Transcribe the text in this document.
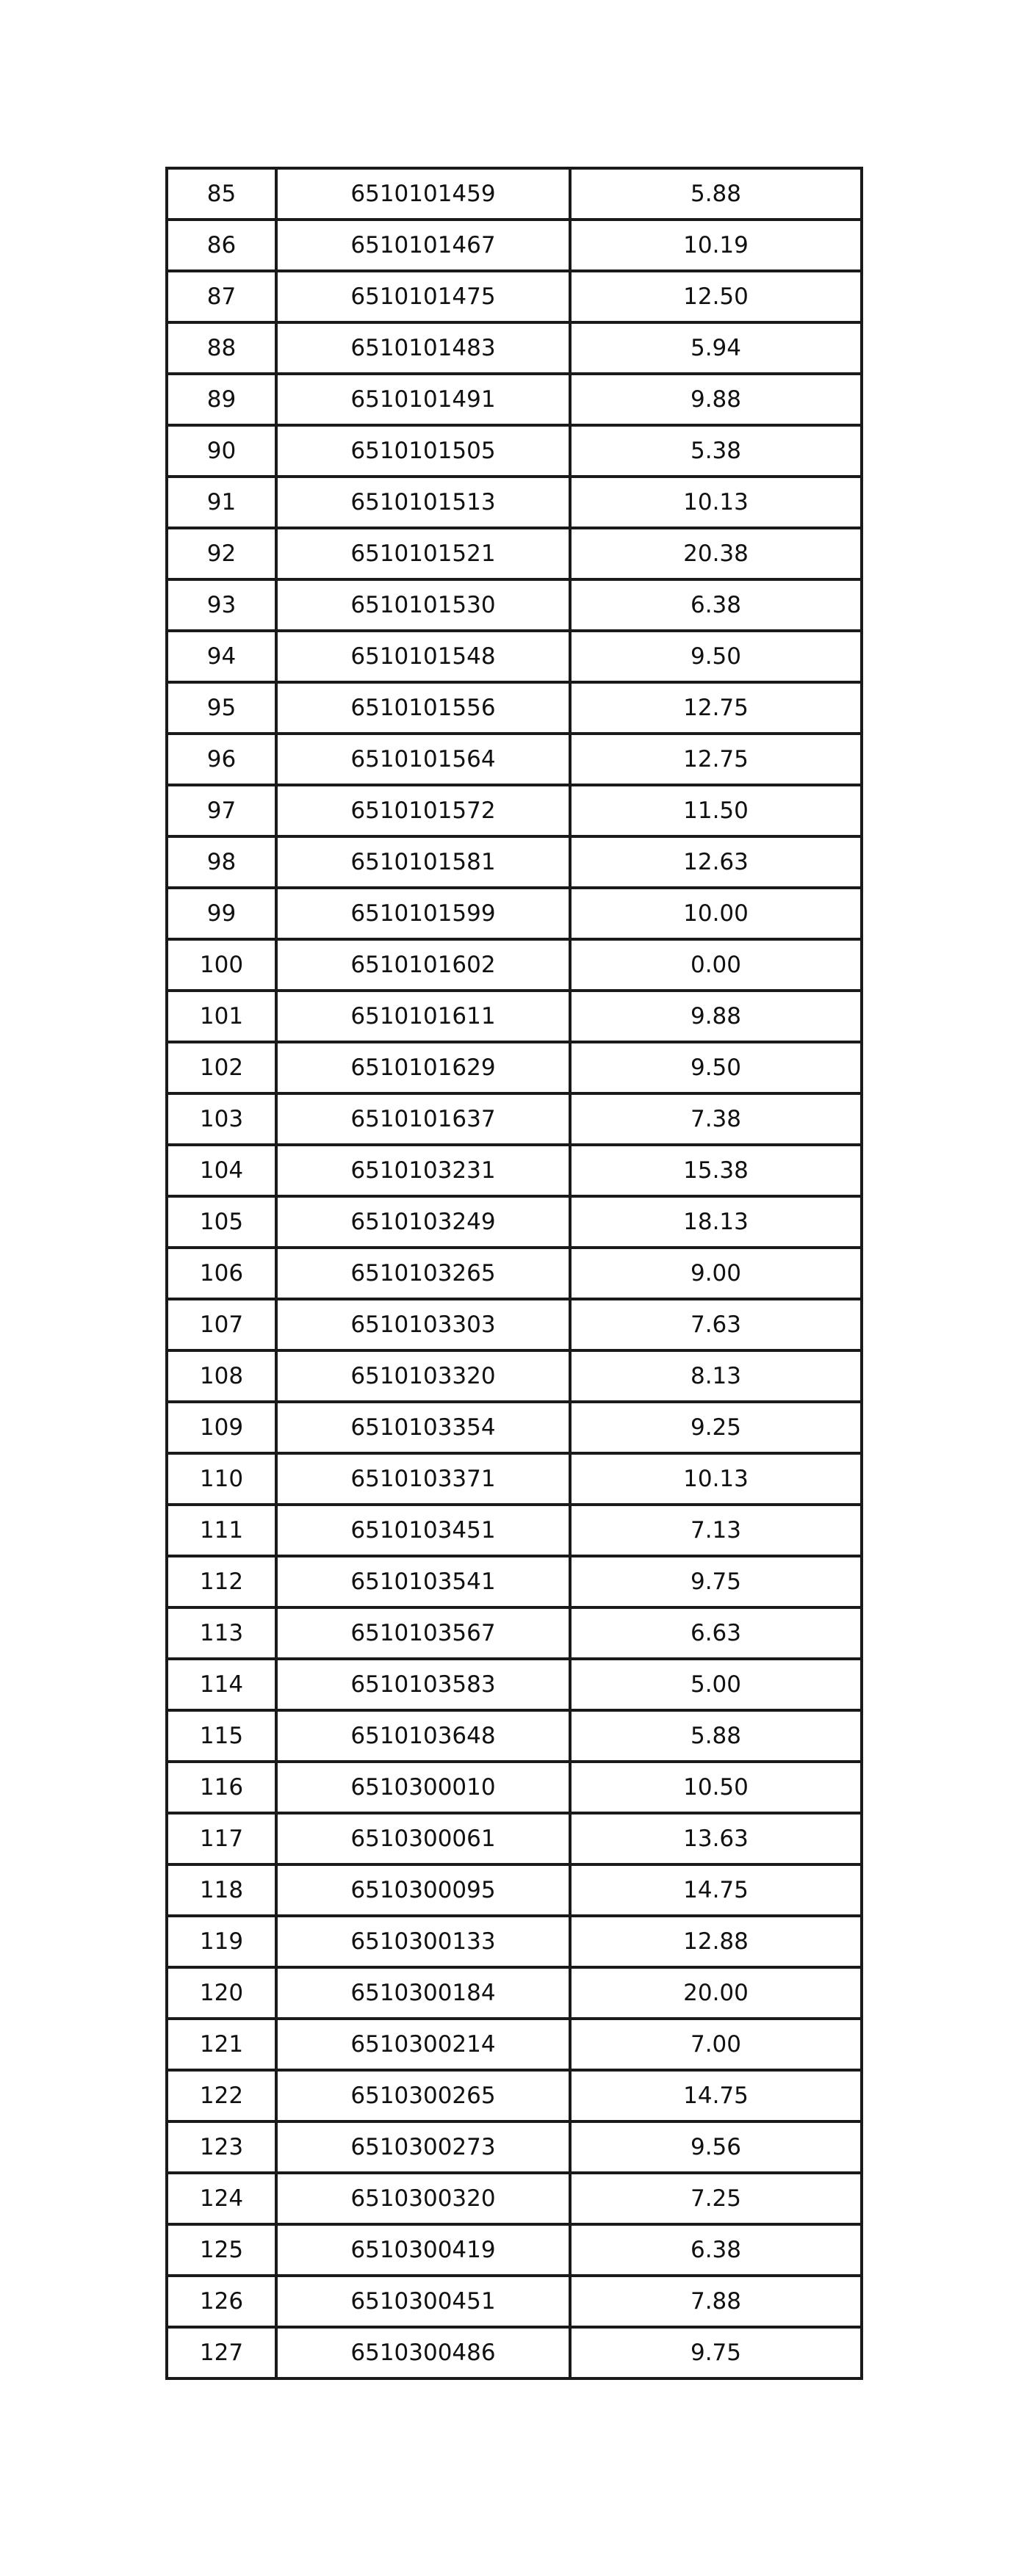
85	6510101459	5.88
86	6510101467	10.19
87	6510101475	12.50
88	6510101483	5.94
89	6510101491	9.88
90	6510101505	5.38
91	6510101513	10.13
92	6510101521	20.38
93	6510101530	6.38
94	6510101548	9.50
95	6510101556	12.75
96	6510101564	12.75
97	6510101572	11.50
98	6510101581	12.63
99	6510101599	10.00
100	6510101602	0.00
101	6510101611	9.88
102	6510101629	9.50
103	6510101637	7.38
104	6510103231	15.38
105	6510103249	18.13
106	6510103265	9.00
107	6510103303	7.63
108	6510103320	8.13
109	6510103354	9.25
110	6510103371	10.13
111	6510103451	7.13
112	6510103541	9.75
113	6510103567	6.63
114	6510103583	5.00
115	6510103648	5.88
116	6510300010	10.50
117	6510300061	13.63
118	6510300095	14.75
119	6510300133	12.88
120	6510300184	20.00
121	6510300214	7.00
122	6510300265	14.75
123	6510300273	9.56
124	6510300320	7.25
125	6510300419	6.38
126	6510300451	7.88
127	6510300486	9.75
